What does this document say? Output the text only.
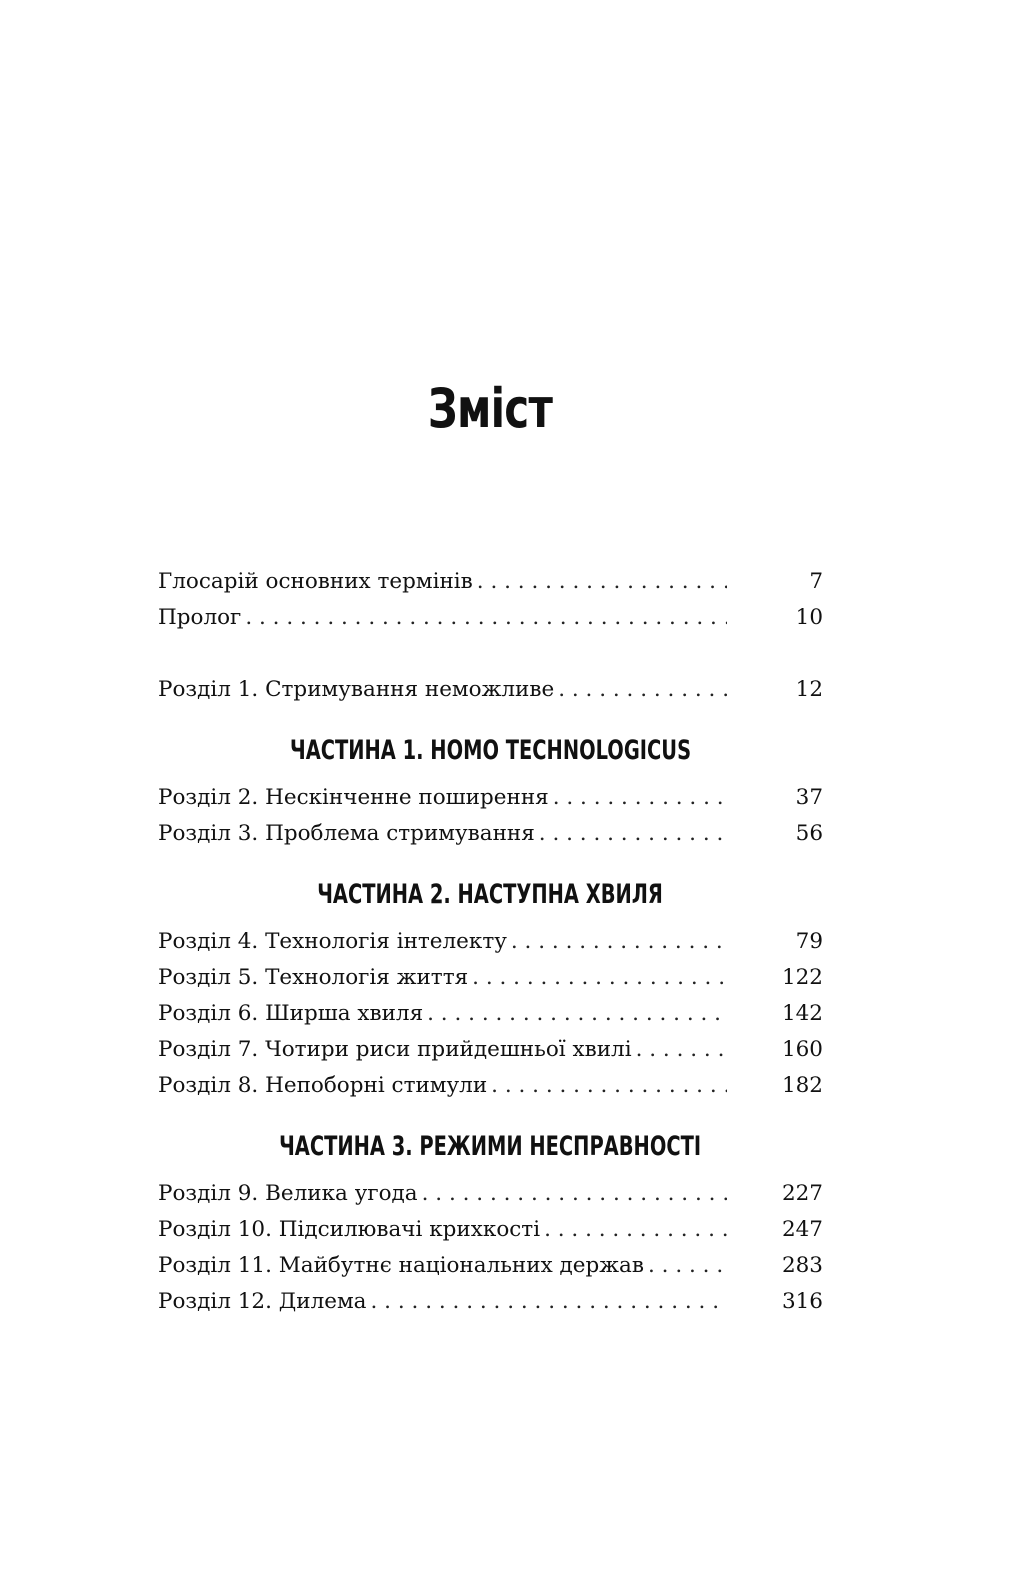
Зміст
Глосарій основних термінів . . .	7
Пролог . . .	10
Розділ 1. Стримування неможливе . . .	12
ЧАСТИНА 1. HOMO TECHNOLOGICUS
Розділ 2. Нескінченне поширення . . .	37
Розділ 3. Проблема стримування . . .	56
ЧАСТИНА 2. НАСТУПНА ХВИЛЯ
Розділ 4. Технологія інтелекту . . .	79
Розділ 5. Технологія життя . . .	122
Розділ 6. Ширша хвиля . . .	142
Розділ 7. Чотири риси прийдешньої хвилі . . .	160
Розділ 8. Непоборні стимули . . .	182
ЧАСТИНА 3. РЕЖИМИ НЕСПРАВНОСТІ
Розділ 9. Велика угода . . .	227
Розділ 10. Підсилювачі крихкості . . .	247
Розділ 11. Майбутнє національних держав . . .	283
Розділ 12. Дилема . . .	316
